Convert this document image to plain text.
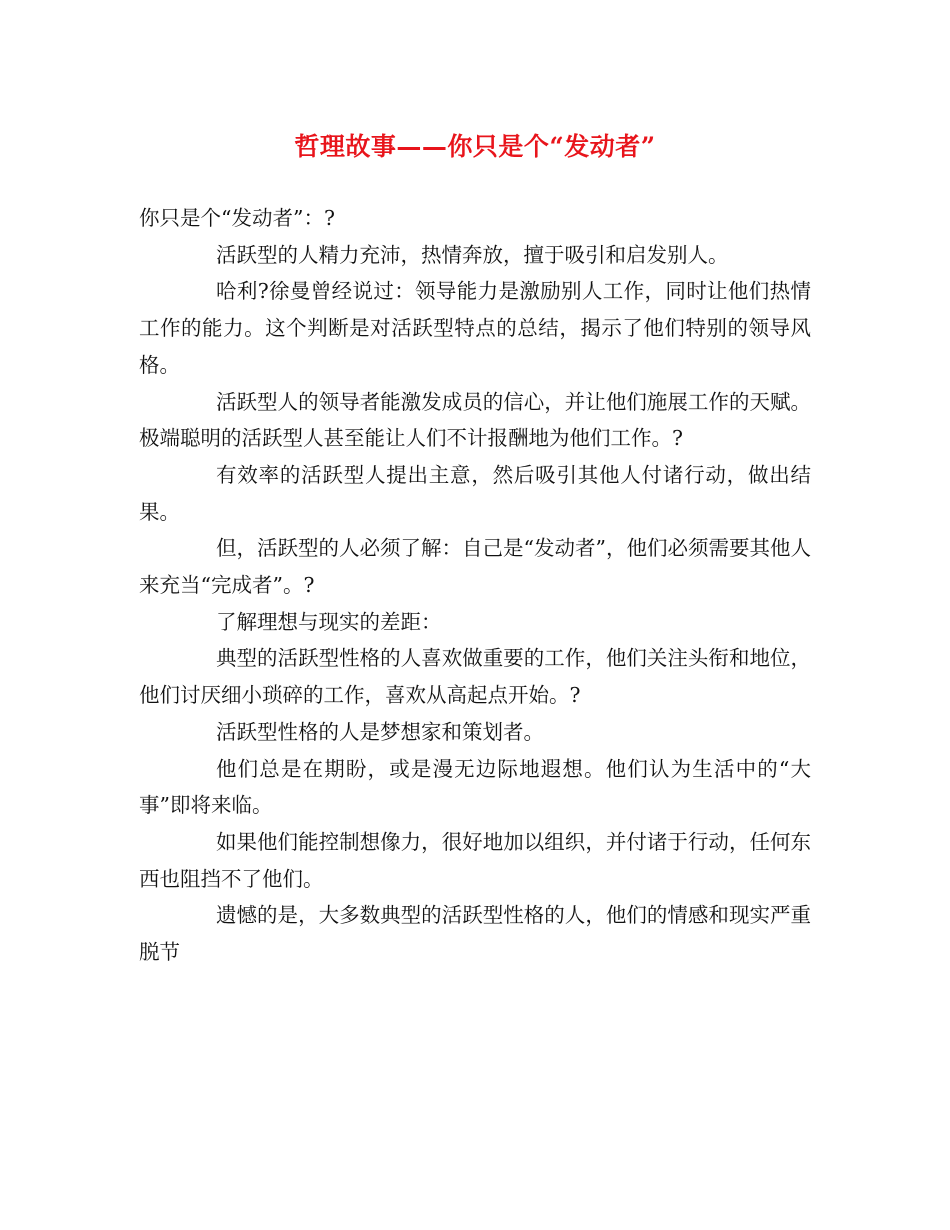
哲理故事——你只是个“发动者”

你只是个“发动者”：?

活跃型的人精力充沛，热情奔放，擅于吸引和启发别人。

哈利?徐曼曾经说过：领导能力是激励别人工作，同时让他们热情工作的能力。这个判断是对活跃型特点的总结，揭示了他们特别的领导风格。

活跃型人的领导者能激发成员的信心，并让他们施展工作的天赋。极端聪明的活跃型人甚至能让人们不计报酬地为他们工作。?

有效率的活跃型人提出主意，然后吸引其他人付诸行动，做出结果。

但，活跃型的人必须了解：自己是“发动者”，他们必须需要其他人来充当“完成者”。?

了解理想与现实的差距：

典型的活跃型性格的人喜欢做重要的工作，他们关注头衔和地位，他们讨厌细小琐碎的工作，喜欢从高起点开始。?

活跃型性格的人是梦想家和策划者。

他们总是在期盼，或是漫无边际地遐想。他们认为生活中的“大事”即将来临。

如果他们能控制想像力，很好地加以组织，并付诸于行动，任何东西也阻挡不了他们。

遗憾的是，大多数典型的活跃型性格的人，他们的情感和现实严重脱节
